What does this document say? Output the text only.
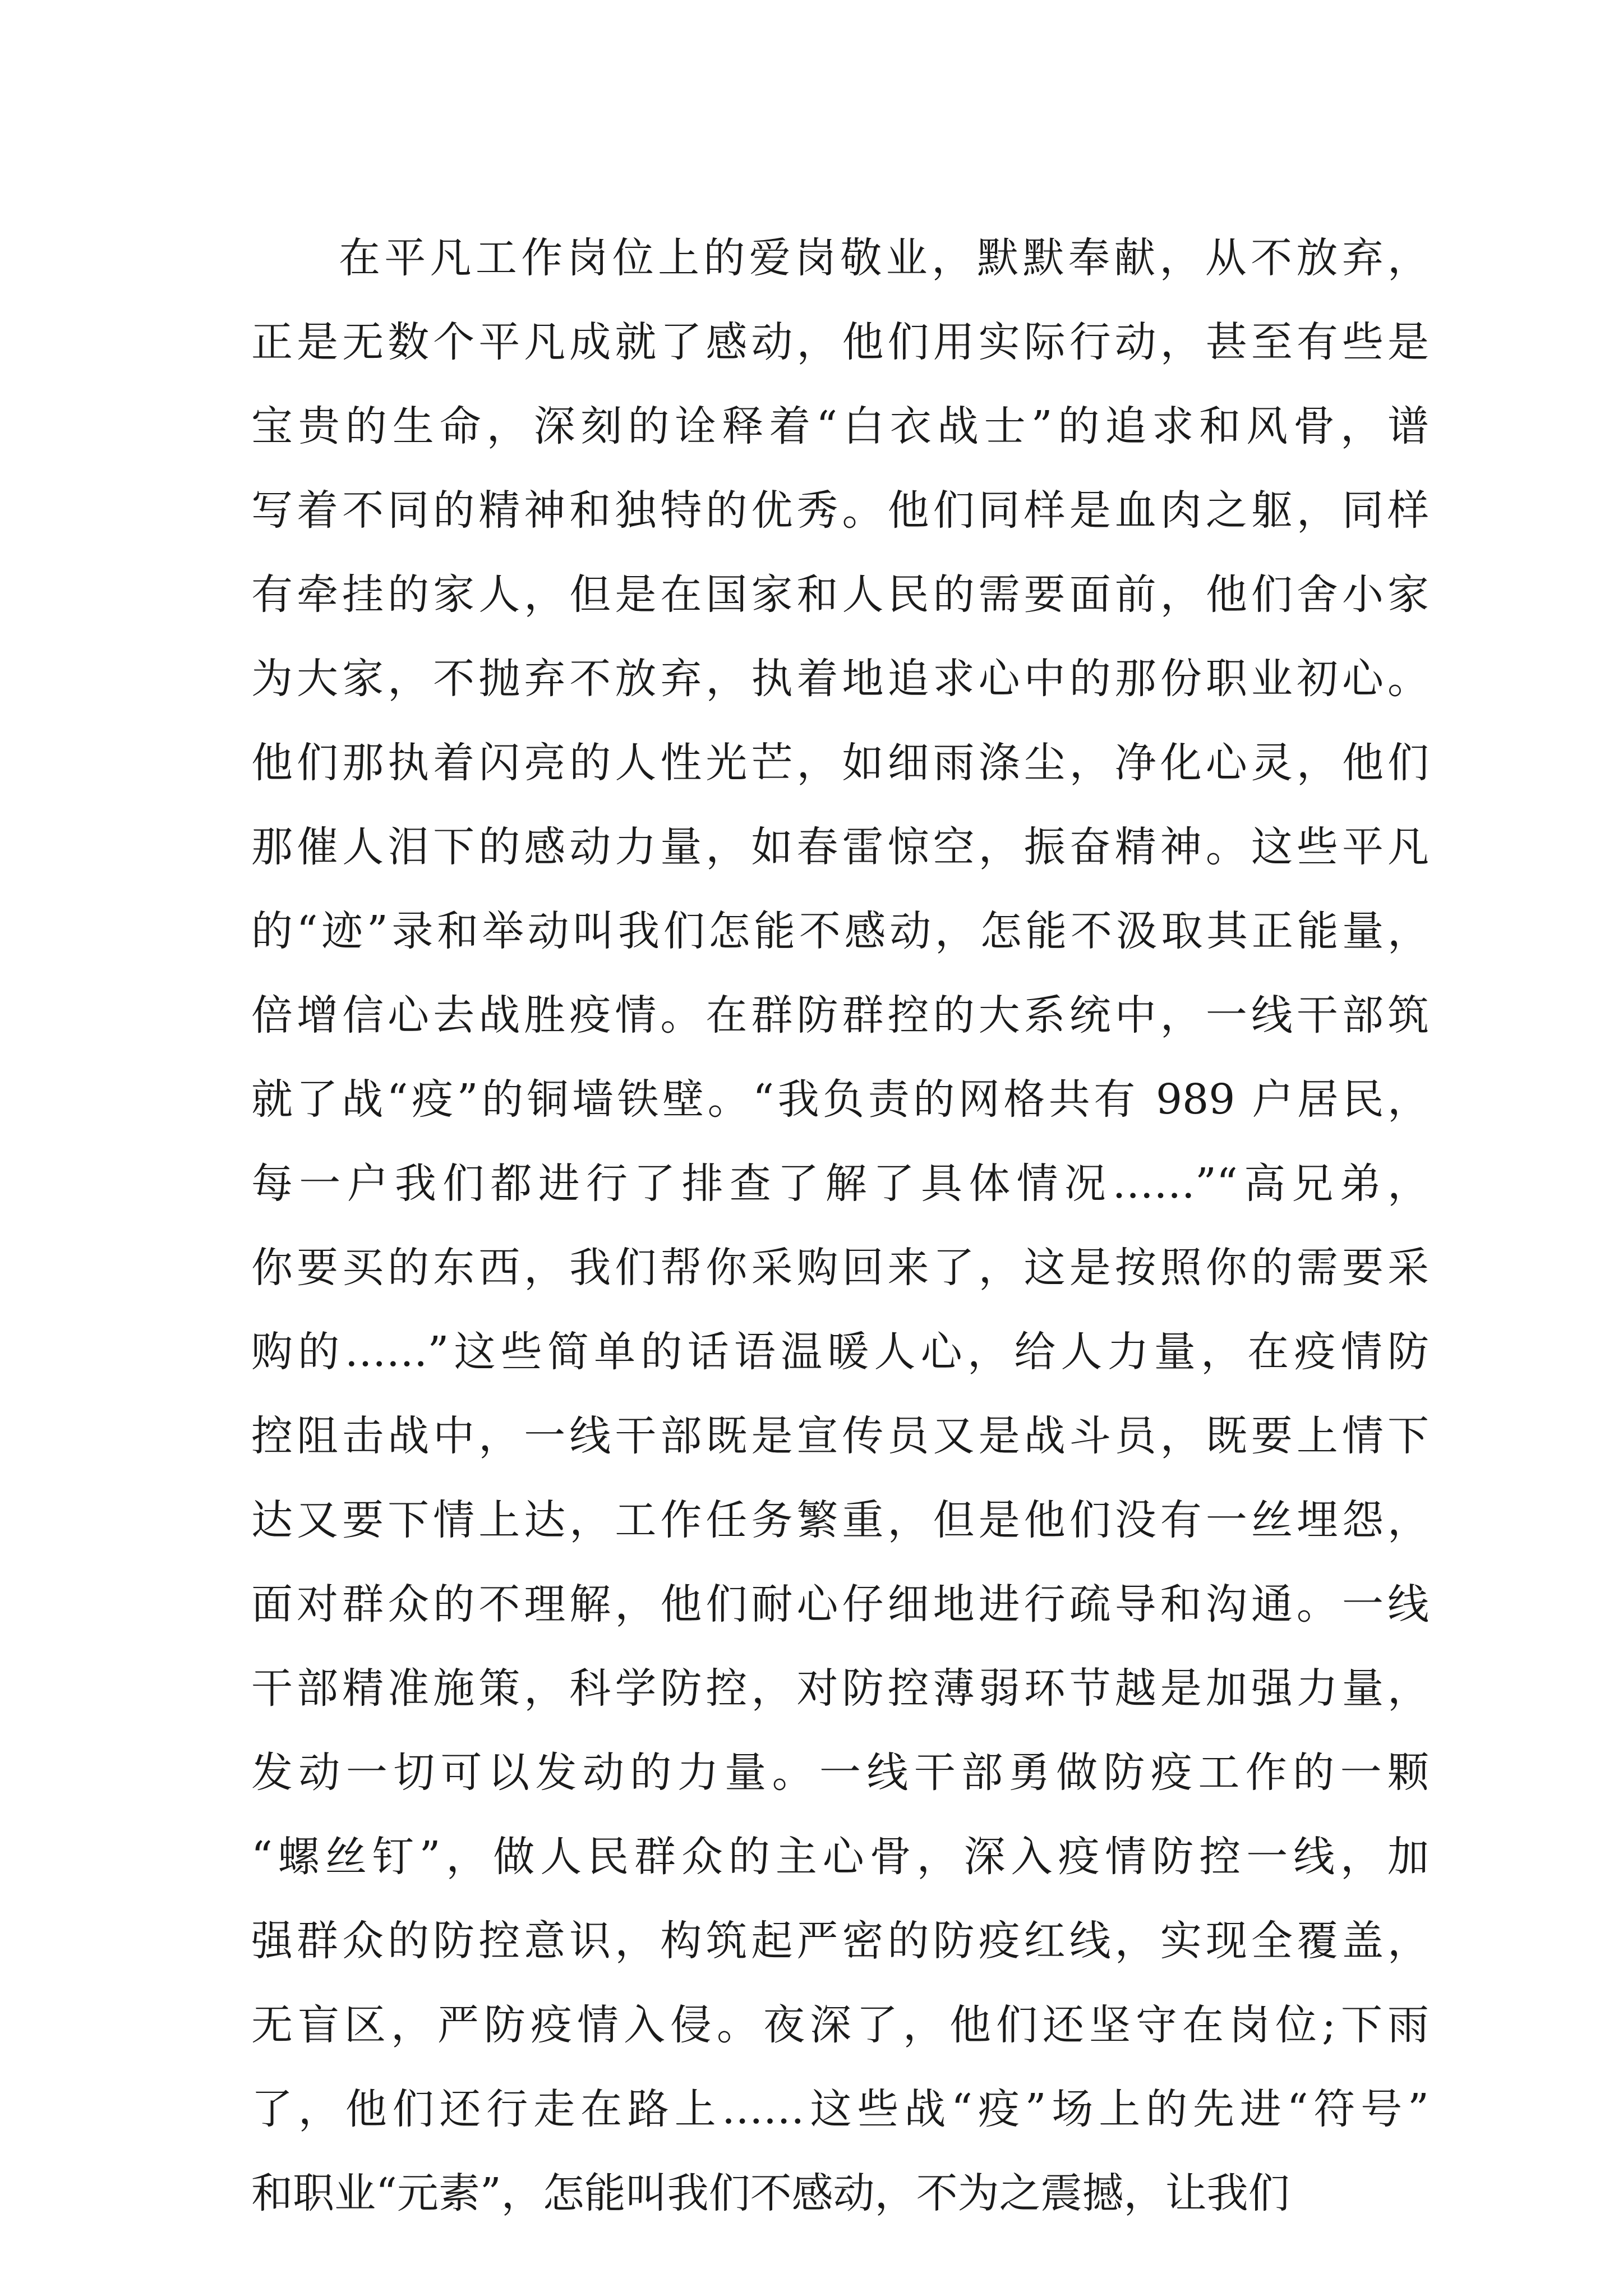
在平凡工作岗位上的爱岗敬业，默默奉献，从不放弃，
正是无数个平凡成就了感动，他们用实际行动，甚至有些是
宝贵的生命，深刻的诠释着“白衣战士”的追求和风骨，谱
写着不同的精神和独特的优秀。他们同样是血肉之躯，同样
有牵挂的家人，但是在国家和人民的需要面前，他们舍小家
为大家，不抛弃不放弃，执着地追求心中的那份职业初心。
他们那执着闪亮的人性光芒，如细雨涤尘，净化心灵，他们
那催人泪下的感动力量，如春雷惊空，振奋精神。这些平凡
的“迹”录和举动叫我们怎能不感动，怎能不汲取其正能量，
倍增信心去战胜疫情。在群防群控的大系统中，一线干部筑
就了战“疫”的铜墙铁壁。“我负责的网格共有 989 户居民，
每一户我们都进行了排查了解了具体情况……”“高兄弟，
你要买的东西，我们帮你采购回来了，这是按照你的需要采
购的……”这些简单的话语温暖人心，给人力量，在疫情防
控阻击战中，一线干部既是宣传员又是战斗员，既要上情下
达又要下情上达，工作任务繁重，但是他们没有一丝埋怨，
面对群众的不理解，他们耐心仔细地进行疏导和沟通。一线
干部精准施策，科学防控，对防控薄弱环节越是加强力量，
发动一切可以发动的力量。一线干部勇做防疫工作的一颗
“螺丝钉”，做人民群众的主心骨，深入疫情防控一线，加
强群众的防控意识，构筑起严密的防疫红线，实现全覆盖，
无盲区，严防疫情入侵。夜深了，他们还坚守在岗位;下雨
了，他们还行走在路上……这些战“疫”场上的先进“符号”
和职业“元素”，怎能叫我们不感动，不为之震撼，让我们
